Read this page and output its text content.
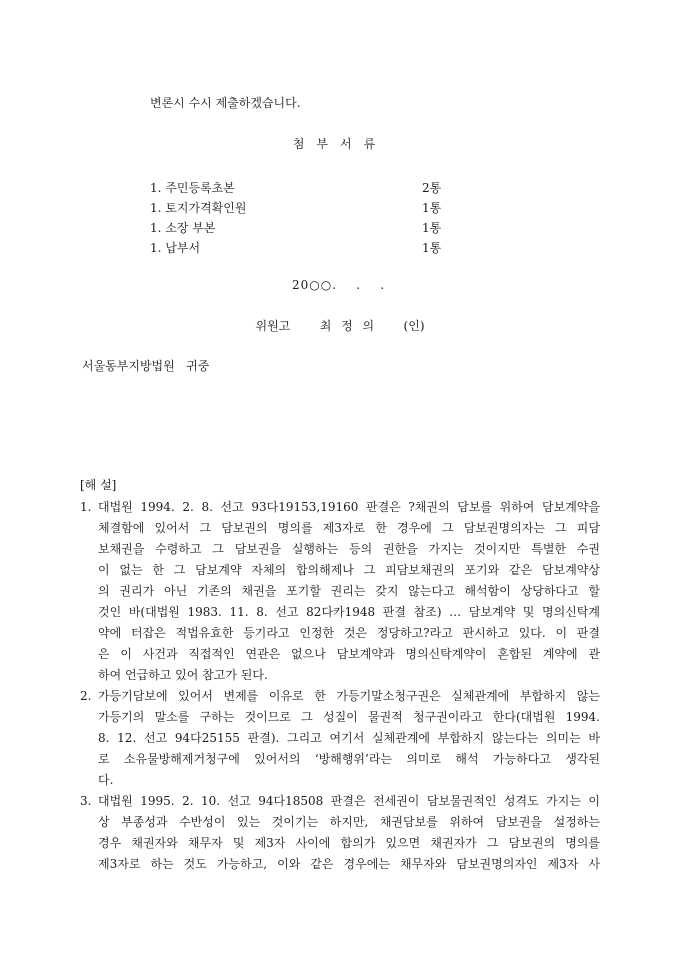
변론시 수시 제출하겠습니다.
첨부서류
1. 주민등록초본	2통
1. 토지가격확인원	1통
1. 소장 부본	1통
1. 납부서	1통
20○○.    .    .
위원고   최 정 의   (인)
서울동부지방법원   귀중
[해 설]
1. 대법원 1994. 2. 8. 선고 93다19153,19160 판결은 ?채권의 담보를 위하여 담보계약을
체결함에 있어서 그 담보권의 명의를 제3자로 한 경우에 그 담보권명의자는 그 피담
보채권을 수령하고 그 담보권을 실행하는 등의 권한을 가지는 것이지만 특별한 수권
이 없는 한 그 담보계약 자체의 합의해제나 그 피담보채권의 포기와 같은 담보계약상
의 권리가 아닌 기존의 채권을 포기할 권리는 갖지 않는다고 해석함이 상당하다고 할
것인 바(대법원 1983. 11. 8. 선고 82다카1948 판결 참조) … 담보계약 및 명의신탁계
약에 터잡은 적법유효한 등기라고 인정한 것은 정당하고?라고 판시하고 있다. 이 판결
은 이 사건과 직접적인 연관은 없으나 담보계약과 명의신탁계약이 혼합된 계약에 관
하여 언급하고 있어 참고가 된다.
2. 가등기담보에 있어서 변제를 이유로 한 가등기말소청구권은 실체관계에 부합하지 않는
가등기의 말소를 구하는 것이므로 그 성질이 물권적 청구권이라고 한다(대법원 1994.
8. 12. 선고 94다25155 판결). 그리고 여기서 실체관계에 부합하지 않는다는 의미는 바
로 소유물방해제거청구에 있어서의 ‘방해행위’라는 의미로 해석 가능하다고 생각된
다.
3. 대법원 1995. 2. 10. 선고 94다18508 판결은 전세권이 담보물권적인 성격도 가지는 이
상 부종성과 수반성이 있는 것이기는 하지만, 채권담보를 위하여 담보권을 설정하는
경우 채권자와 채무자 및 제3자 사이에 합의가 있으면 채권자가 그 담보권의 명의를
제3자로 하는 것도 가능하고, 이와 같은 경우에는 채무자와 담보권명의자인 제3자 사
